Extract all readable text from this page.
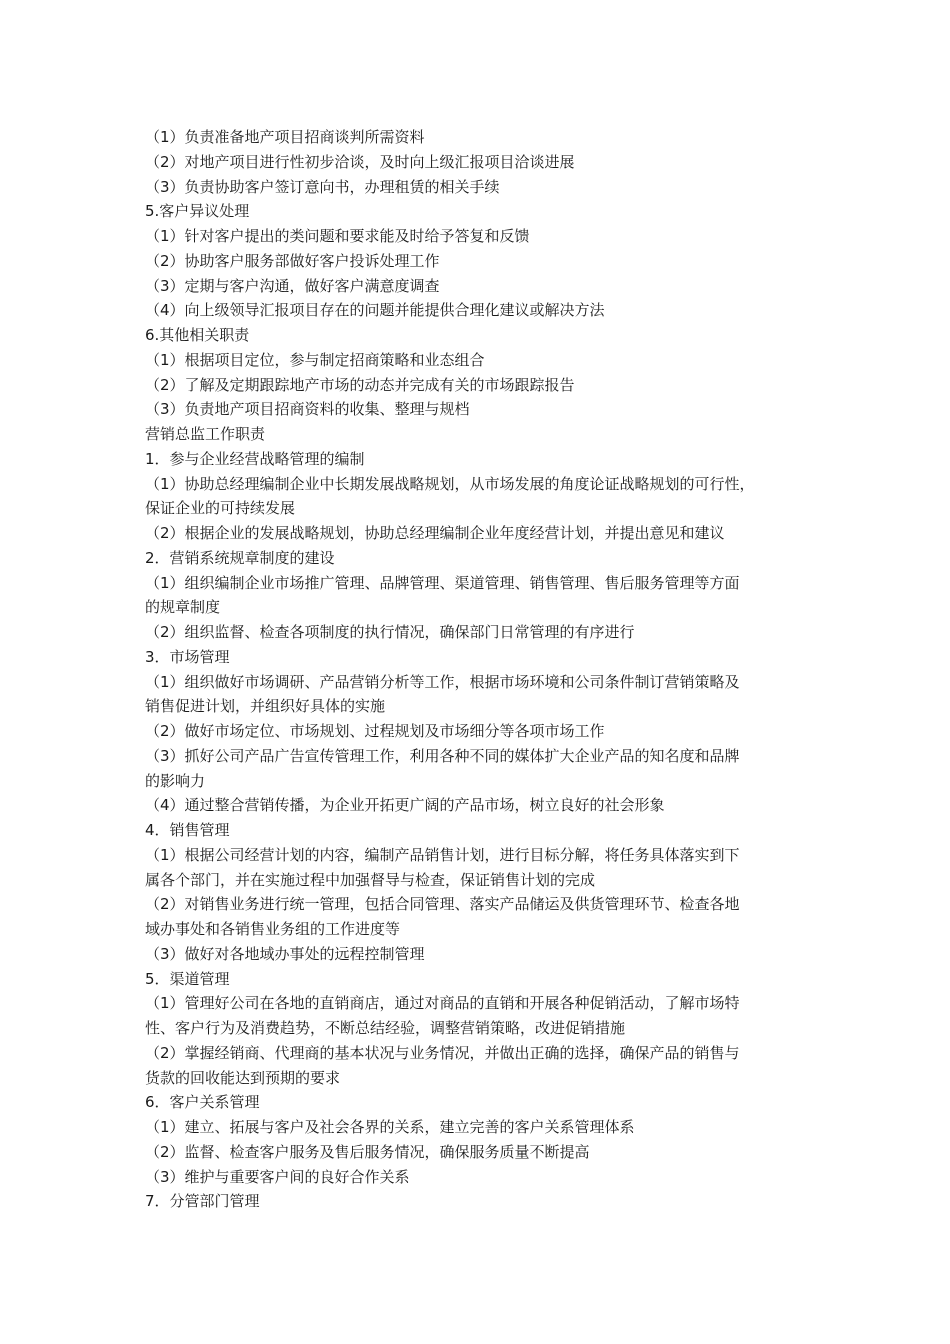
（1）负责准备地产项目招商谈判所需资料
（2）对地产项目进行性初步洽谈，及时向上级汇报项目洽谈进展
（3）负责协助客户签订意向书，办理租赁的相关手续
5.客户异议处理
（1）针对客户提出的类问题和要求能及时给予答复和反馈
（2）协助客户服务部做好客户投诉处理工作
（3）定期与客户沟通，做好客户满意度调查
（4）向上级领导汇报项目存在的问题并能提供合理化建议或解决方法
6.其他相关职责
（1）根据项目定位，参与制定招商策略和业态组合
（2）了解及定期跟踪地产市场的动态并完成有关的市场跟踪报告
（3）负责地产项目招商资料的收集、整理与规档
营销总监工作职责
1．参与企业经营战略管理的编制
（1）协助总经理编制企业中长期发展战略规划，从市场发展的角度论证战略规划的可行性，
保证企业的可持续发展
（2）根据企业的发展战略规划，协助总经理编制企业年度经营计划，并提出意见和建议
2．营销系统规章制度的建设
（1）组织编制企业市场推广管理、品牌管理、渠道管理、销售管理、售后服务管理等方面
的规章制度
（2）组织监督、检查各项制度的执行情况，确保部门日常管理的有序进行
3．市场管理
（1）组织做好市场调研、产品营销分析等工作，根据市场环境和公司条件制订营销策略及
销售促进计划，并组织好具体的实施
（2）做好市场定位、市场规划、过程规划及市场细分等各项市场工作
（3）抓好公司产品广告宣传管理工作，利用各种不同的媒体扩大企业产品的知名度和品牌
的影响力
（4）通过整合营销传播，为企业开拓更广阔的产品市场，树立良好的社会形象
4．销售管理
（1）根据公司经营计划的内容，编制产品销售计划，进行目标分解，将任务具体落实到下
属各个部门，并在实施过程中加强督导与检查，保证销售计划的完成
（2）对销售业务进行统一管理，包括合同管理、落实产品储运及供货管理环节、检查各地
域办事处和各销售业务组的工作进度等
（3）做好对各地域办事处的远程控制管理
5．渠道管理
（1）管理好公司在各地的直销商店，通过对商品的直销和开展各种促销活动，了解市场特
性、客户行为及消费趋势，不断总结经验，调整营销策略，改进促销措施
（2）掌握经销商、代理商的基本状况与业务情况，并做出正确的选择，确保产品的销售与
货款的回收能达到预期的要求
6．客户关系管理
（1）建立、拓展与客户及社会各界的关系，建立完善的客户关系管理体系
（2）监督、检查客户服务及售后服务情况，确保服务质量不断提高
（3）维护与重要客户间的良好合作关系
7．分管部门管理
